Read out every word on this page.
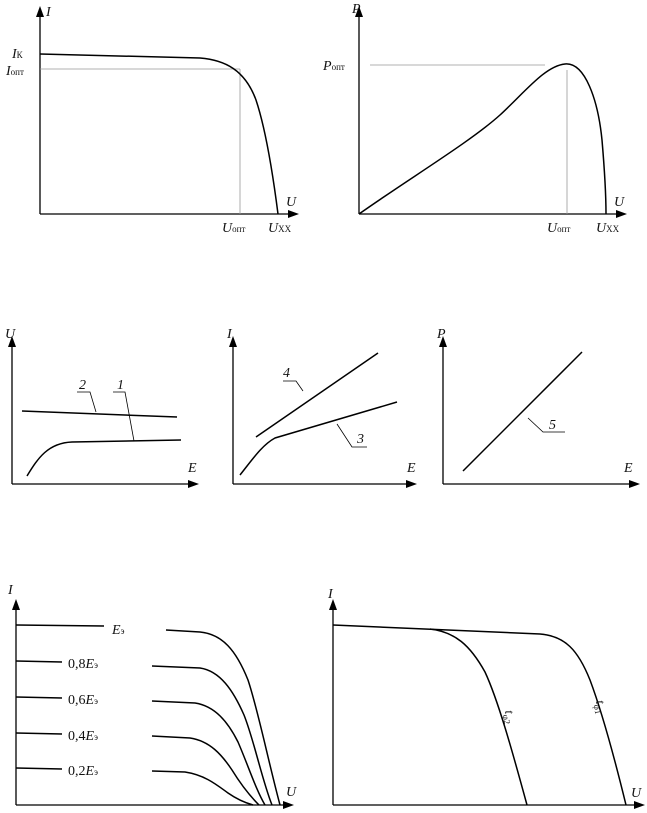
I
U
IК
Iопт
Uопт UХХ
P
U
Pопт
Uопт UХХ
U
E
2 1
I
E
4
3
P
E
5
Eэ
0,8Eэ
0,6Eэ
0,4Eэ
0,2Eэ
I
U
I
U
$t_{\varphi 1}$
$t_{\varphi 2}$
